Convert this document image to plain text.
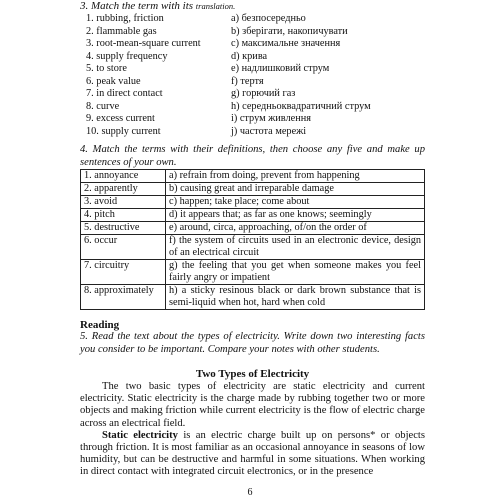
3. Match the term with its translation.
1. rubbing, friction	a) безпосередньо
2. flammable gas	b) зберігати, накопичувати
3. root-mean-square current	c) максимальне значення
4. supply frequency	d) крива
5. to store	e) надлишковий струм
6. peak value	f) тертя
7. in direct contact	g) горючий газ
8. curve	h) середньоквадратичний струм
9. excess current	i) струм живлення
10. supply current	j) частота мережі
4. Match the terms with their definitions, then choose any five and make up sentences of your own.
1. annoyance	a) refrain from doing, prevent from happening
2. apparently	b) causing great and irreparable damage
3. avoid	c) happen; take place; come about
4. pitch	d) it appears that; as far as one knows; seemingly
5. destructive	e) around, circa, approaching, of/on the order of
6. occur	f) the system of circuits used in an electronic device, design of an electrical circuit
7. circuitry	g) the feeling that you get when someone makes you feel fairly angry or impatient
8. approximately	h) a sticky resinous black or dark brown substance that is semi-liquid when hot, hard when cold
Reading
5. Read the text about the types of electricity. Write down two interesting facts you consider to be important. Compare your notes with other students.
Two Types of Electricity

The two basic types of electricity are static electricity and current electricity. Static electricity is the charge made by rubbing together two or more objects and making friction while current electricity is the flow of electric charge across an electrical field.

Static electricity is an electric charge built up on persons* or objects through friction. It is most familiar as an occasional annoyance in seasons of low humidity, but can be destructive and harmful in some situations. When working in direct contact with integrated circuit electronics, or in the presence

6
